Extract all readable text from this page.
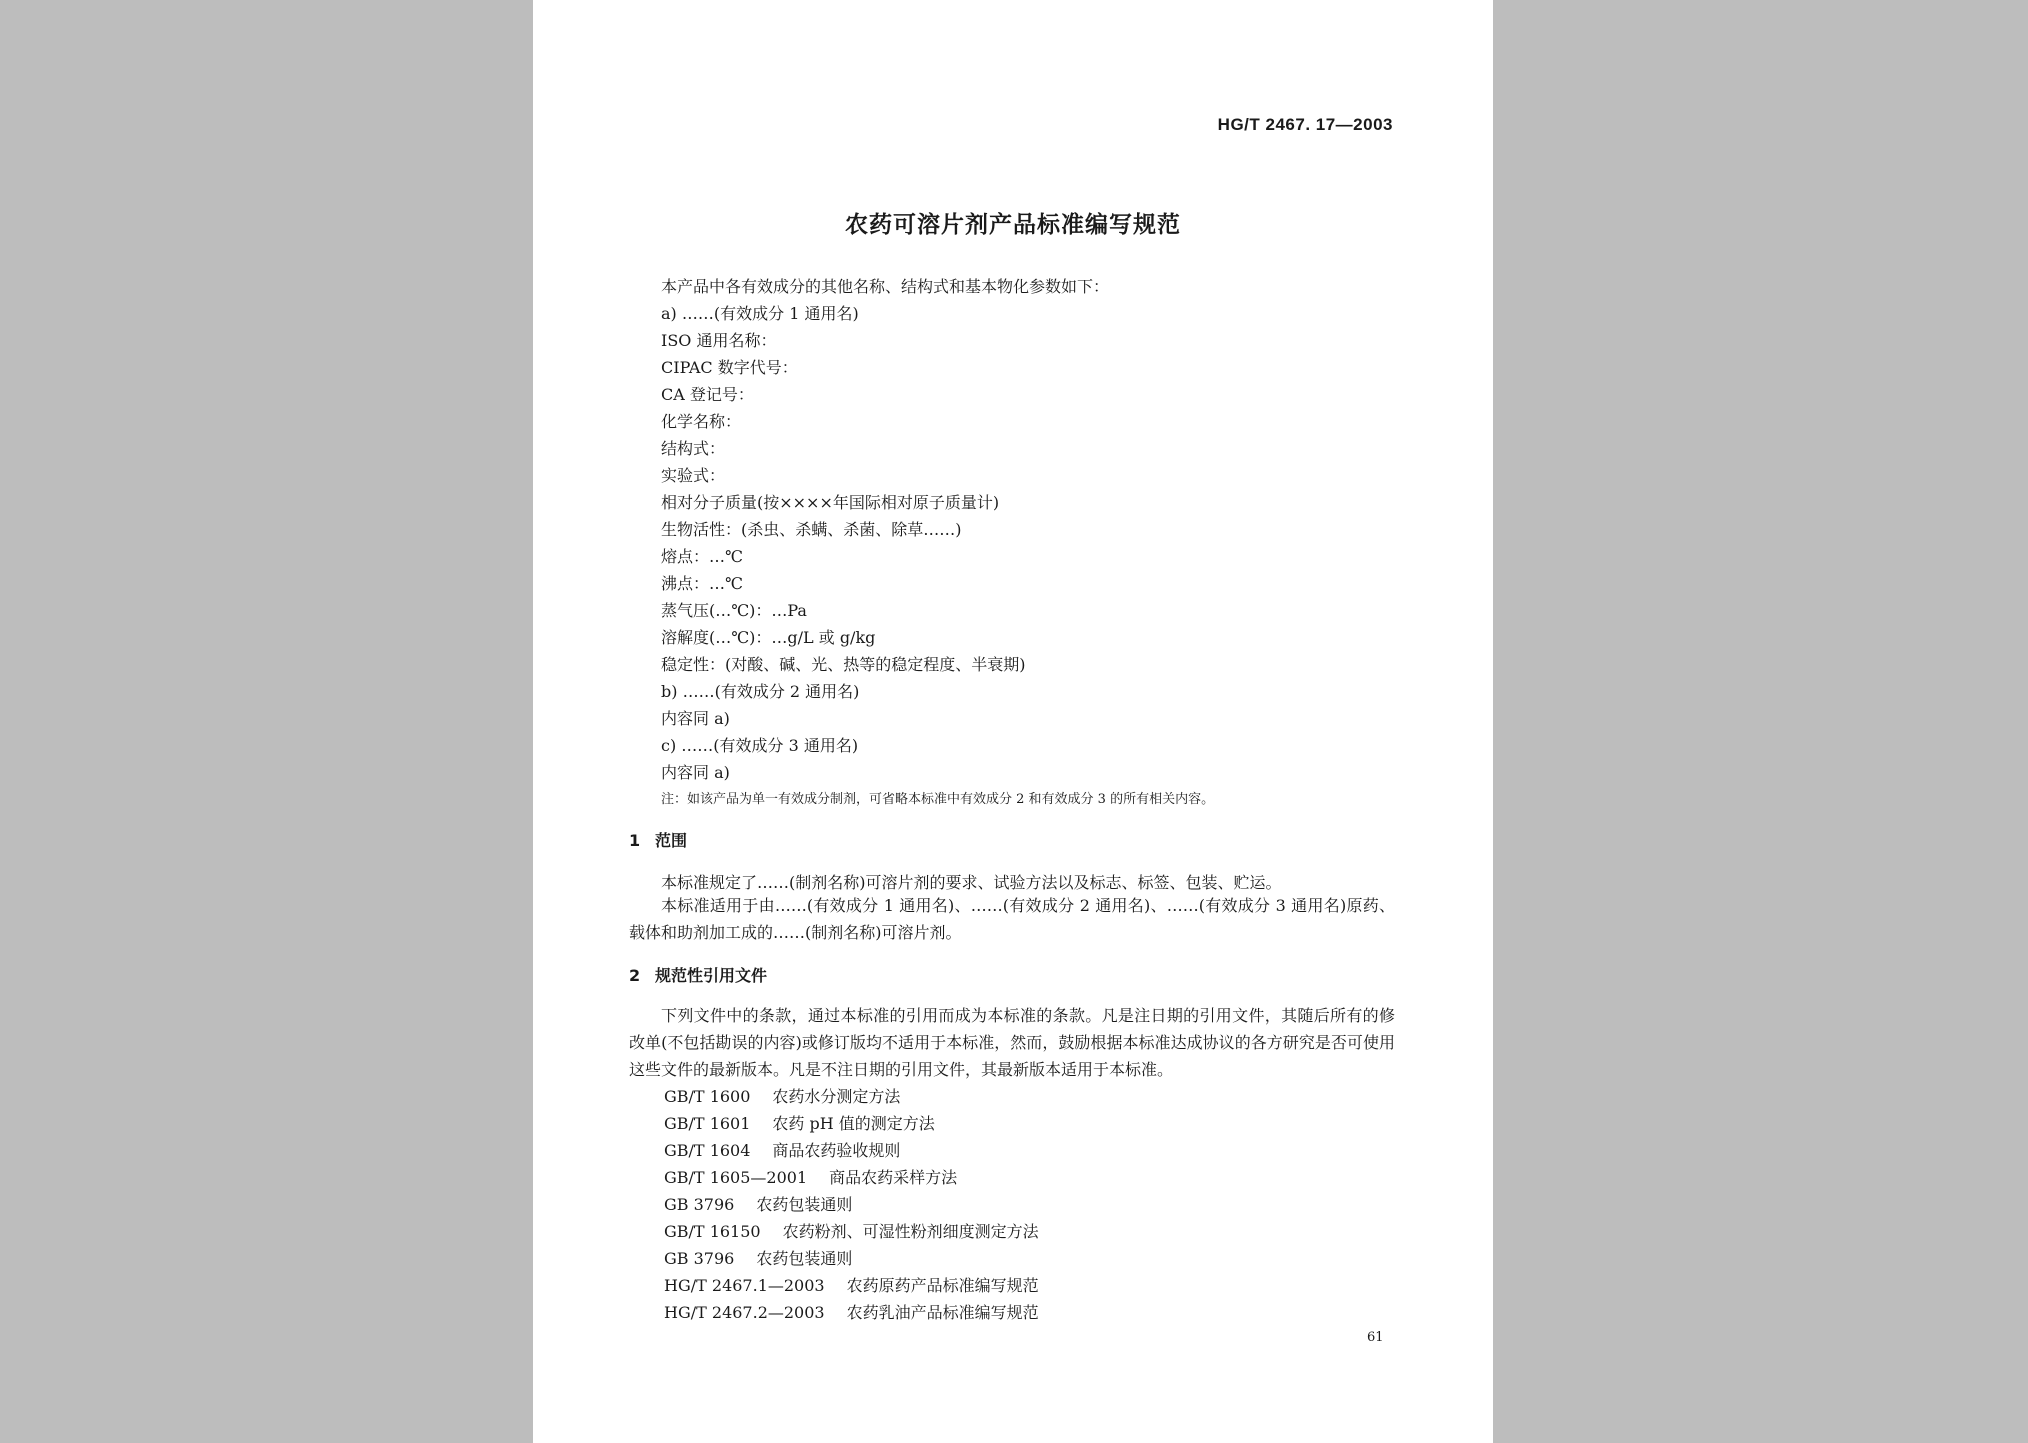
HG/T 2467. 17—2003
农药可溶片剂产品标准编写规范
本产品中各有效成分的其他名称、结构式和基本物化参数如下：
a) ……(有效成分 1 通用名)
ISO 通用名称：
CIPAC 数字代号：
CA 登记号：
化学名称：
结构式：
实验式：
相对分子质量(按××××年国际相对原子质量计)
生物活性：(杀虫、杀螨、杀菌、除草……)
熔点：…℃
沸点：…℃
蒸气压(…℃)：…Pa
溶解度(…℃)：…g/L 或 g/kg
稳定性：(对酸、碱、光、热等的稳定程度、半衰期)
b) ……(有效成分 2 通用名)
内容同 a)
c) ……(有效成分 3 通用名)
内容同 a)
注：如该产品为单一有效成分制剂，可省略本标准中有效成分 2 和有效成分 3 的所有相关内容。
1 范围
本标准规定了……(制剂名称)可溶片剂的要求、试验方法以及标志、标签、包装、贮运。
本标准适用于由……(有效成分 1 通用名)、……(有效成分 2 通用名)、……(有效成分 3 通用名)原药、载体和助剂加工成的……(制剂名称)可溶片剂。
2 规范性引用文件
下列文件中的条款，通过本标准的引用而成为本标准的条款。凡是注日期的引用文件，其随后所有的修改单(不包括勘误的内容)或修订版均不适用于本标准，然而，鼓励根据本标准达成协议的各方研究是否可使用这些文件的最新版本。凡是不注日期的引用文件，其最新版本适用于本标准。
GB/T 1600 农药水分测定方法
GB/T 1601 农药 pH 值的测定方法
GB/T 1604 商品农药验收规则
GB/T 1605—2001 商品农药采样方法
GB 3796 农药包装通则
GB/T 16150 农药粉剂、可湿性粉剂细度测定方法
GB 3796 农药包装通则
HG/T 2467.1—2003 农药原药产品标准编写规范
HG/T 2467.2—2003 农药乳油产品标准编写规范
61
